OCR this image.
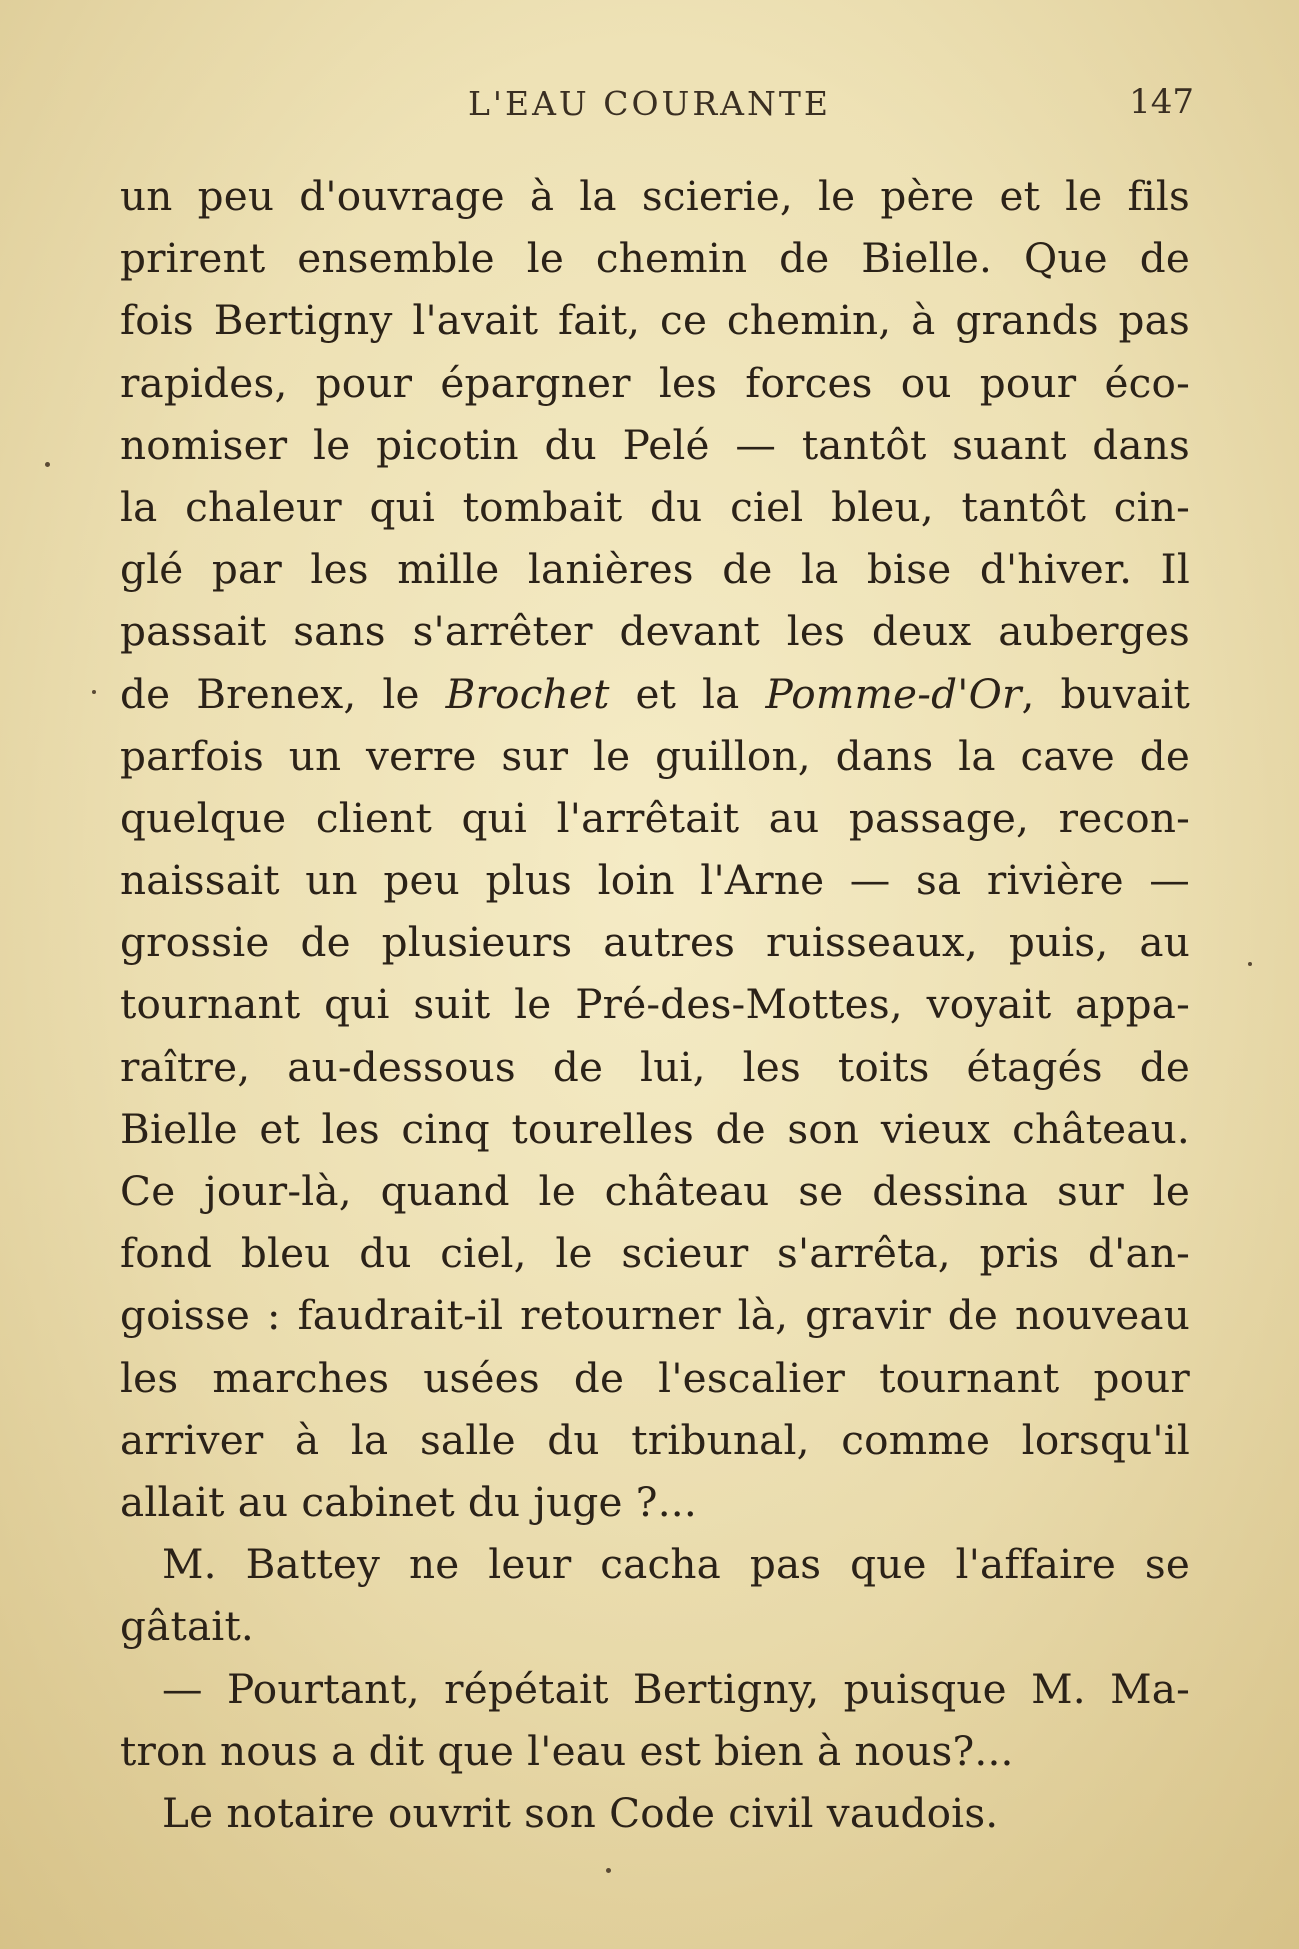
L'EAU COURANTE	147
un peu d'ouvrage à la scierie, le père et le fils
prirent ensemble le chemin de Bielle. Que de
fois Bertigny l'avait fait, ce chemin, à grands pas
rapides, pour épargner les forces ou pour éco-
nomiser le picotin du Pelé — tantôt suant dans
la chaleur qui tombait du ciel bleu, tantôt cin-
glé par les mille lanières de la bise d'hiver. Il
passait sans s'arrêter devant les deux auberges
de Brenex, le Brochet et la Pomme-d'Or, buvait
parfois un verre sur le guillon, dans la cave de
quelque client qui l'arrêtait au passage, recon-
naissait un peu plus loin l'Arne — sa rivière —
grossie de plusieurs autres ruisseaux, puis, au
tournant qui suit le Pré-des-Mottes, voyait appa-
raître, au-dessous de lui, les toits étagés de
Bielle et les cinq tourelles de son vieux château.
Ce jour-là, quand le château se dessina sur le
fond bleu du ciel, le scieur s'arrêta, pris d'an-
goisse : faudrait-il retourner là, gravir de nouveau
les marches usées de l'escalier tournant pour
arriver à la salle du tribunal, comme lorsqu'il
allait au cabinet du juge ?...
M. Battey ne leur cacha pas que l'affaire se
gâtait.
— Pourtant, répétait Bertigny, puisque M. Ma-
tron nous a dit que l'eau est bien à nous?...
Le notaire ouvrit son Code civil vaudois.
